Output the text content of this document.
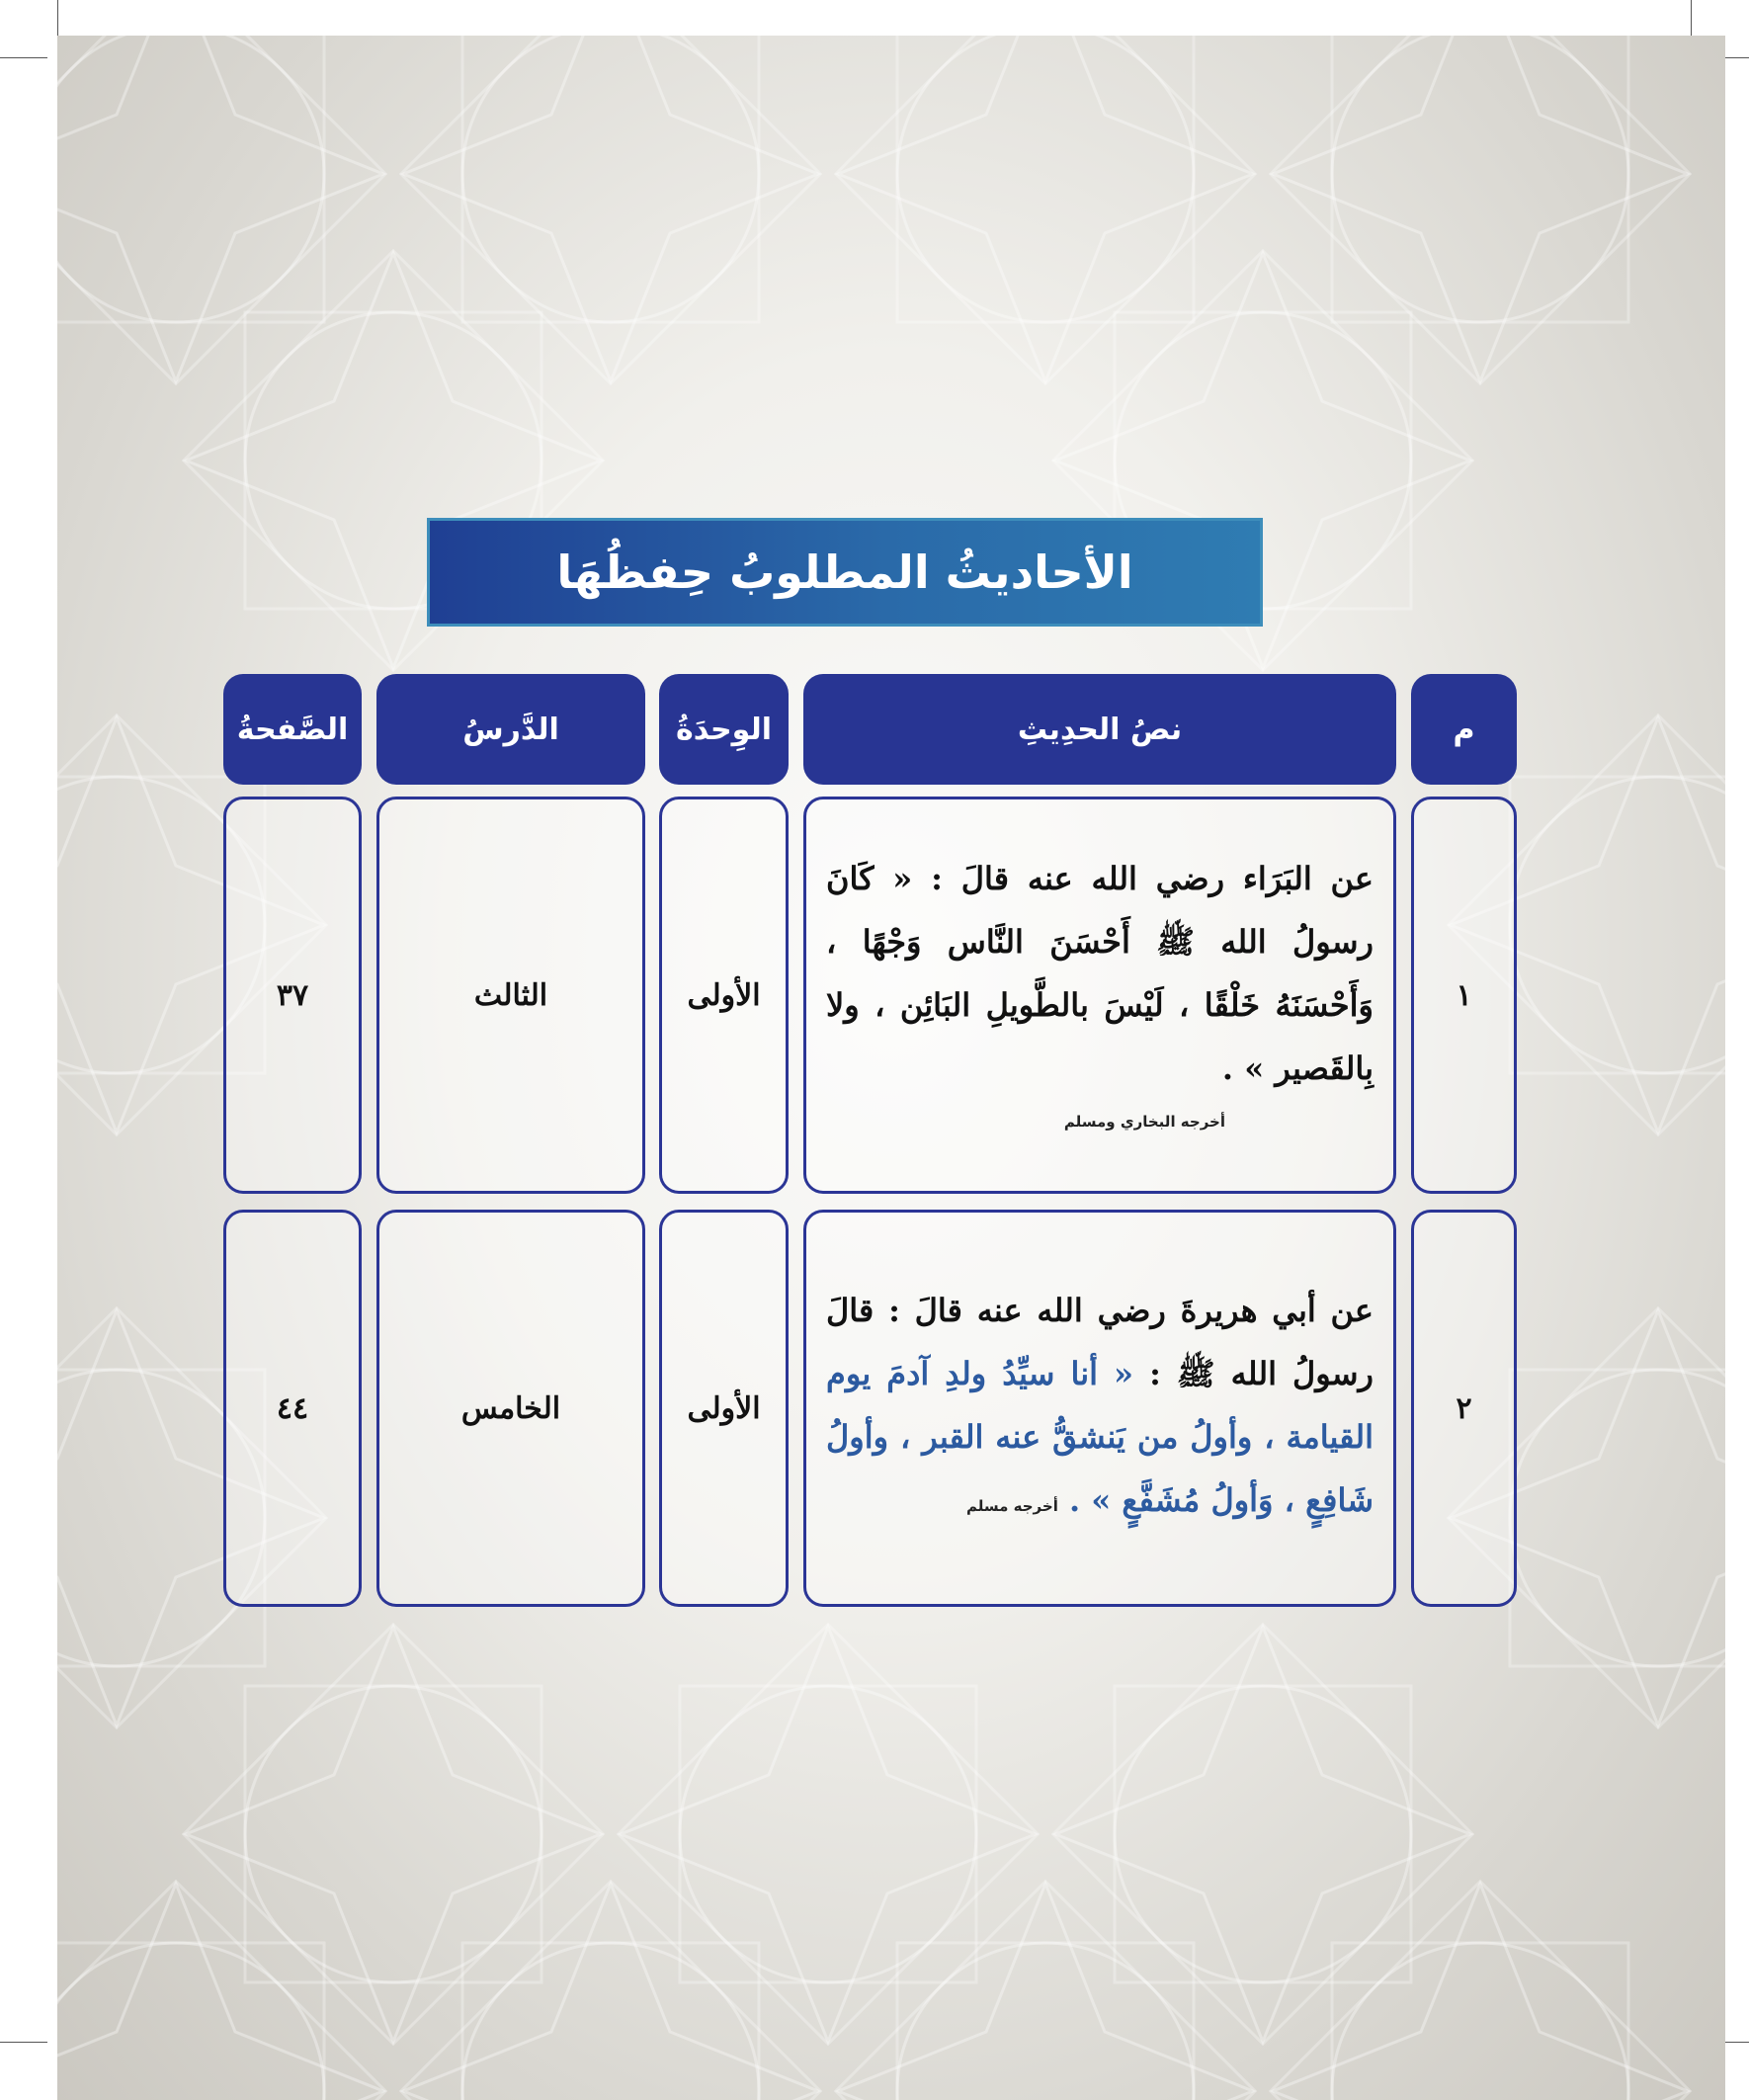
الأحاديثُ المطلوبُ حِفظُهَا
م
نصُ الحدِيثِ
الوِحدَةُ
الدَّرسُ
الصَّفحةُ
١
عن البَرَاء رضي الله عنه قالَ : « كَانَ رسولُ الله ﷺ أَحْسَنَ النَّاس وَجْهًا ، وَأَحْسَنَهُ خَلْقًا ، لَيْسَ بالطَّويلِ البَائِن ، ولا بِالقَصير » .
أخرجه البخاري ومسلم
الأولى
الثالث
٣٧
٢
عن أبي هريرةَ رضي الله عنه قالَ : قالَ رسولُ الله ﷺ : « أنا سيِّدُ ولدِ آدمَ يوم القيامة ، وأولُ من يَنشقُّ عنه القبر ، وأولُ شَافِعٍ ، وَأولُ مُشَفَّعٍ » . أخرجه مسلم
الأولى
الخامس
٤٤
